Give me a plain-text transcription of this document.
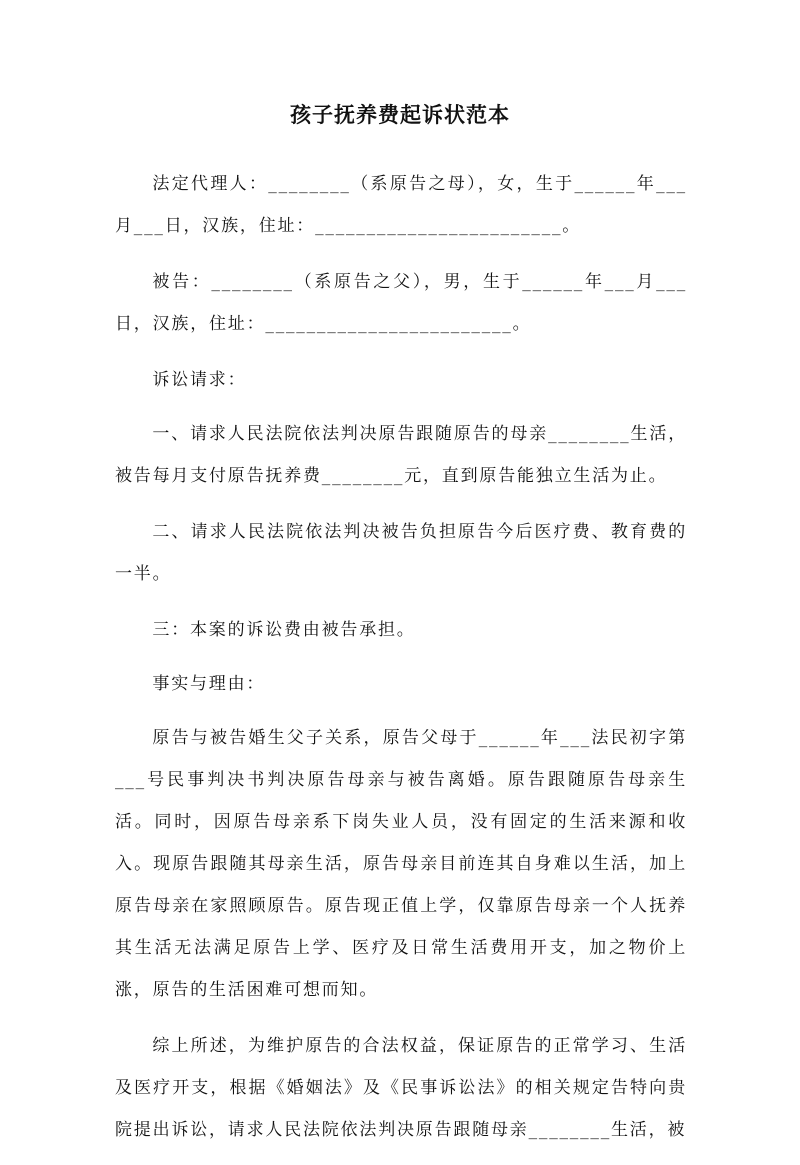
孩子抚养费起诉状范本

法定代理人：________（系原告之母），女，生于______年___月___日，汉族，住址：________________________。

被告：________（系原告之父），男，生于______年___月___日，汉族，住址：________________________。

诉讼请求：

一、请求人民法院依法判决原告跟随原告的母亲________生活，被告每月支付原告抚养费________元，直到原告能独立生活为止。

二、请求人民法院依法判决被告负担原告今后医疗费、教育费的一半。

三：本案的诉讼费由被告承担。

事实与理由：

原告与被告婚生父子关系，原告父母于______年___法民初字第___号民事判决书判决原告母亲与被告离婚。原告跟随原告母亲生活。同时，因原告母亲系下岗失业人员，没有固定的生活来源和收入。现原告跟随其母亲生活，原告母亲目前连其自身难以生活，加上原告母亲在家照顾原告。原告现正值上学，仅靠原告母亲一个人抚养其生活无法满足原告上学、医疗及日常生活费用开支，加之物价上涨，原告的生活困难可想而知。

综上所述，为维护原告的合法权益，保证原告的正常学习、生活及医疗开支，根据《婚姻法》及《民事诉讼法》的相关规定告特向贵院提出诉讼，请求人民法院依法判决原告跟随母亲________生活，被
